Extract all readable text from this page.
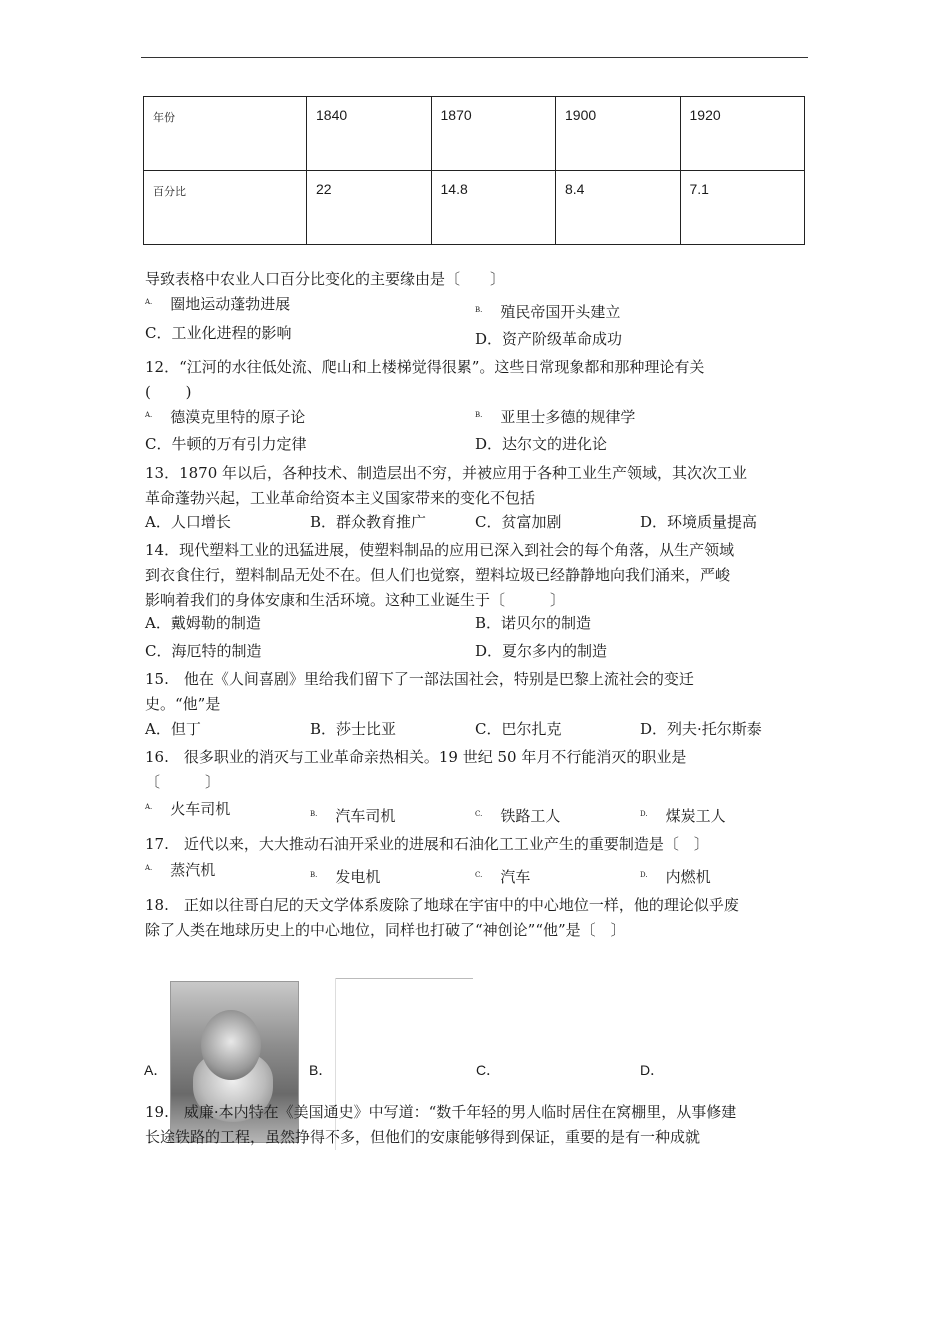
年份	1840	1870	1900	1920
百分比	22	14.8	8.4	7.1
导致表格中农业人口百分比变化的主要缘由是〔　　〕
$^{A.}$ 圈地运动蓬勃进展	$^{B.}$ 殖民帝国开头建立
C．工业化进程的影响	D．资产阶级革命成功
12．“江河的水往低处流、爬山和上楼梯觉得很累”。这些日常现象都和那种理论有关
(　　 )
$^{A.}$ 德漠克里特的原子论	$^{B.}$ 亚里士多德的规律学
C．牛顿的万有引力定律	D．达尔文的进化论
13．1870 年以后，各种技术、制造层出不穷，并被应用于各种工业生产领域，其次次工业
革命蓬勃兴起，工业革命给资本主义国家带来的变化不包括
A．人口增长	B．群众教育推广	C．贫富加剧	D．环境质量提高
14．现代塑料工业的迅猛进展，使塑料制品的应用已深入到社会的每个角落，从生产领域
到衣食住行，塑料制品无处不在。但人们也觉察，塑料垃圾已经静静地向我们涌来，严峻
影响着我们的身体安康和生活环境。这种工业诞生于〔　　　〕
A．戴姆勒的制造	B．诺贝尔的制造
C．海厄特的制造	D．夏尔多内的制造
15.　他在《人间喜剧》里给我们留下了一部法国社会，特别是巴黎上流社会的变迁
史。“他”是
A．但丁	B．莎士比亚	C．巴尔扎克	D．列夫·托尔斯泰
16.　很多职业的消灭与工业革命亲热相关。19 世纪 50 年月不行能消灭的职业是
〔　　　〕
$^{A.}$ 火车司机	$^{B.}$ 汽车司机	$^{C.}$ 铁路工人	$^{D.}$ 煤炭工人
17.　近代以来，大大推动石油开采业的进展和石油化工工业产生的重要制造是〔　〕
$^{A.}$ 蒸汽机	$^{B.}$ 发电机	$^{C.}$ 汽车	$^{D.}$ 内燃机
18.　正如以往哥白尼的天文学体系废除了地球在宇宙中的中心地位一样，他的理论似乎废
除了人类在地球历史上的中心地位，同样也打破了“神创论”“他”是〔　〕
A．	B．	C．	D．
19.　威廉·本内特在《美国通史》中写道：“数千年轻的男人临时居住在窝棚里，从事修建
长途铁路的工程，虽然挣得不多，但他们的安康能够得到保证，重要的是有一种成就
